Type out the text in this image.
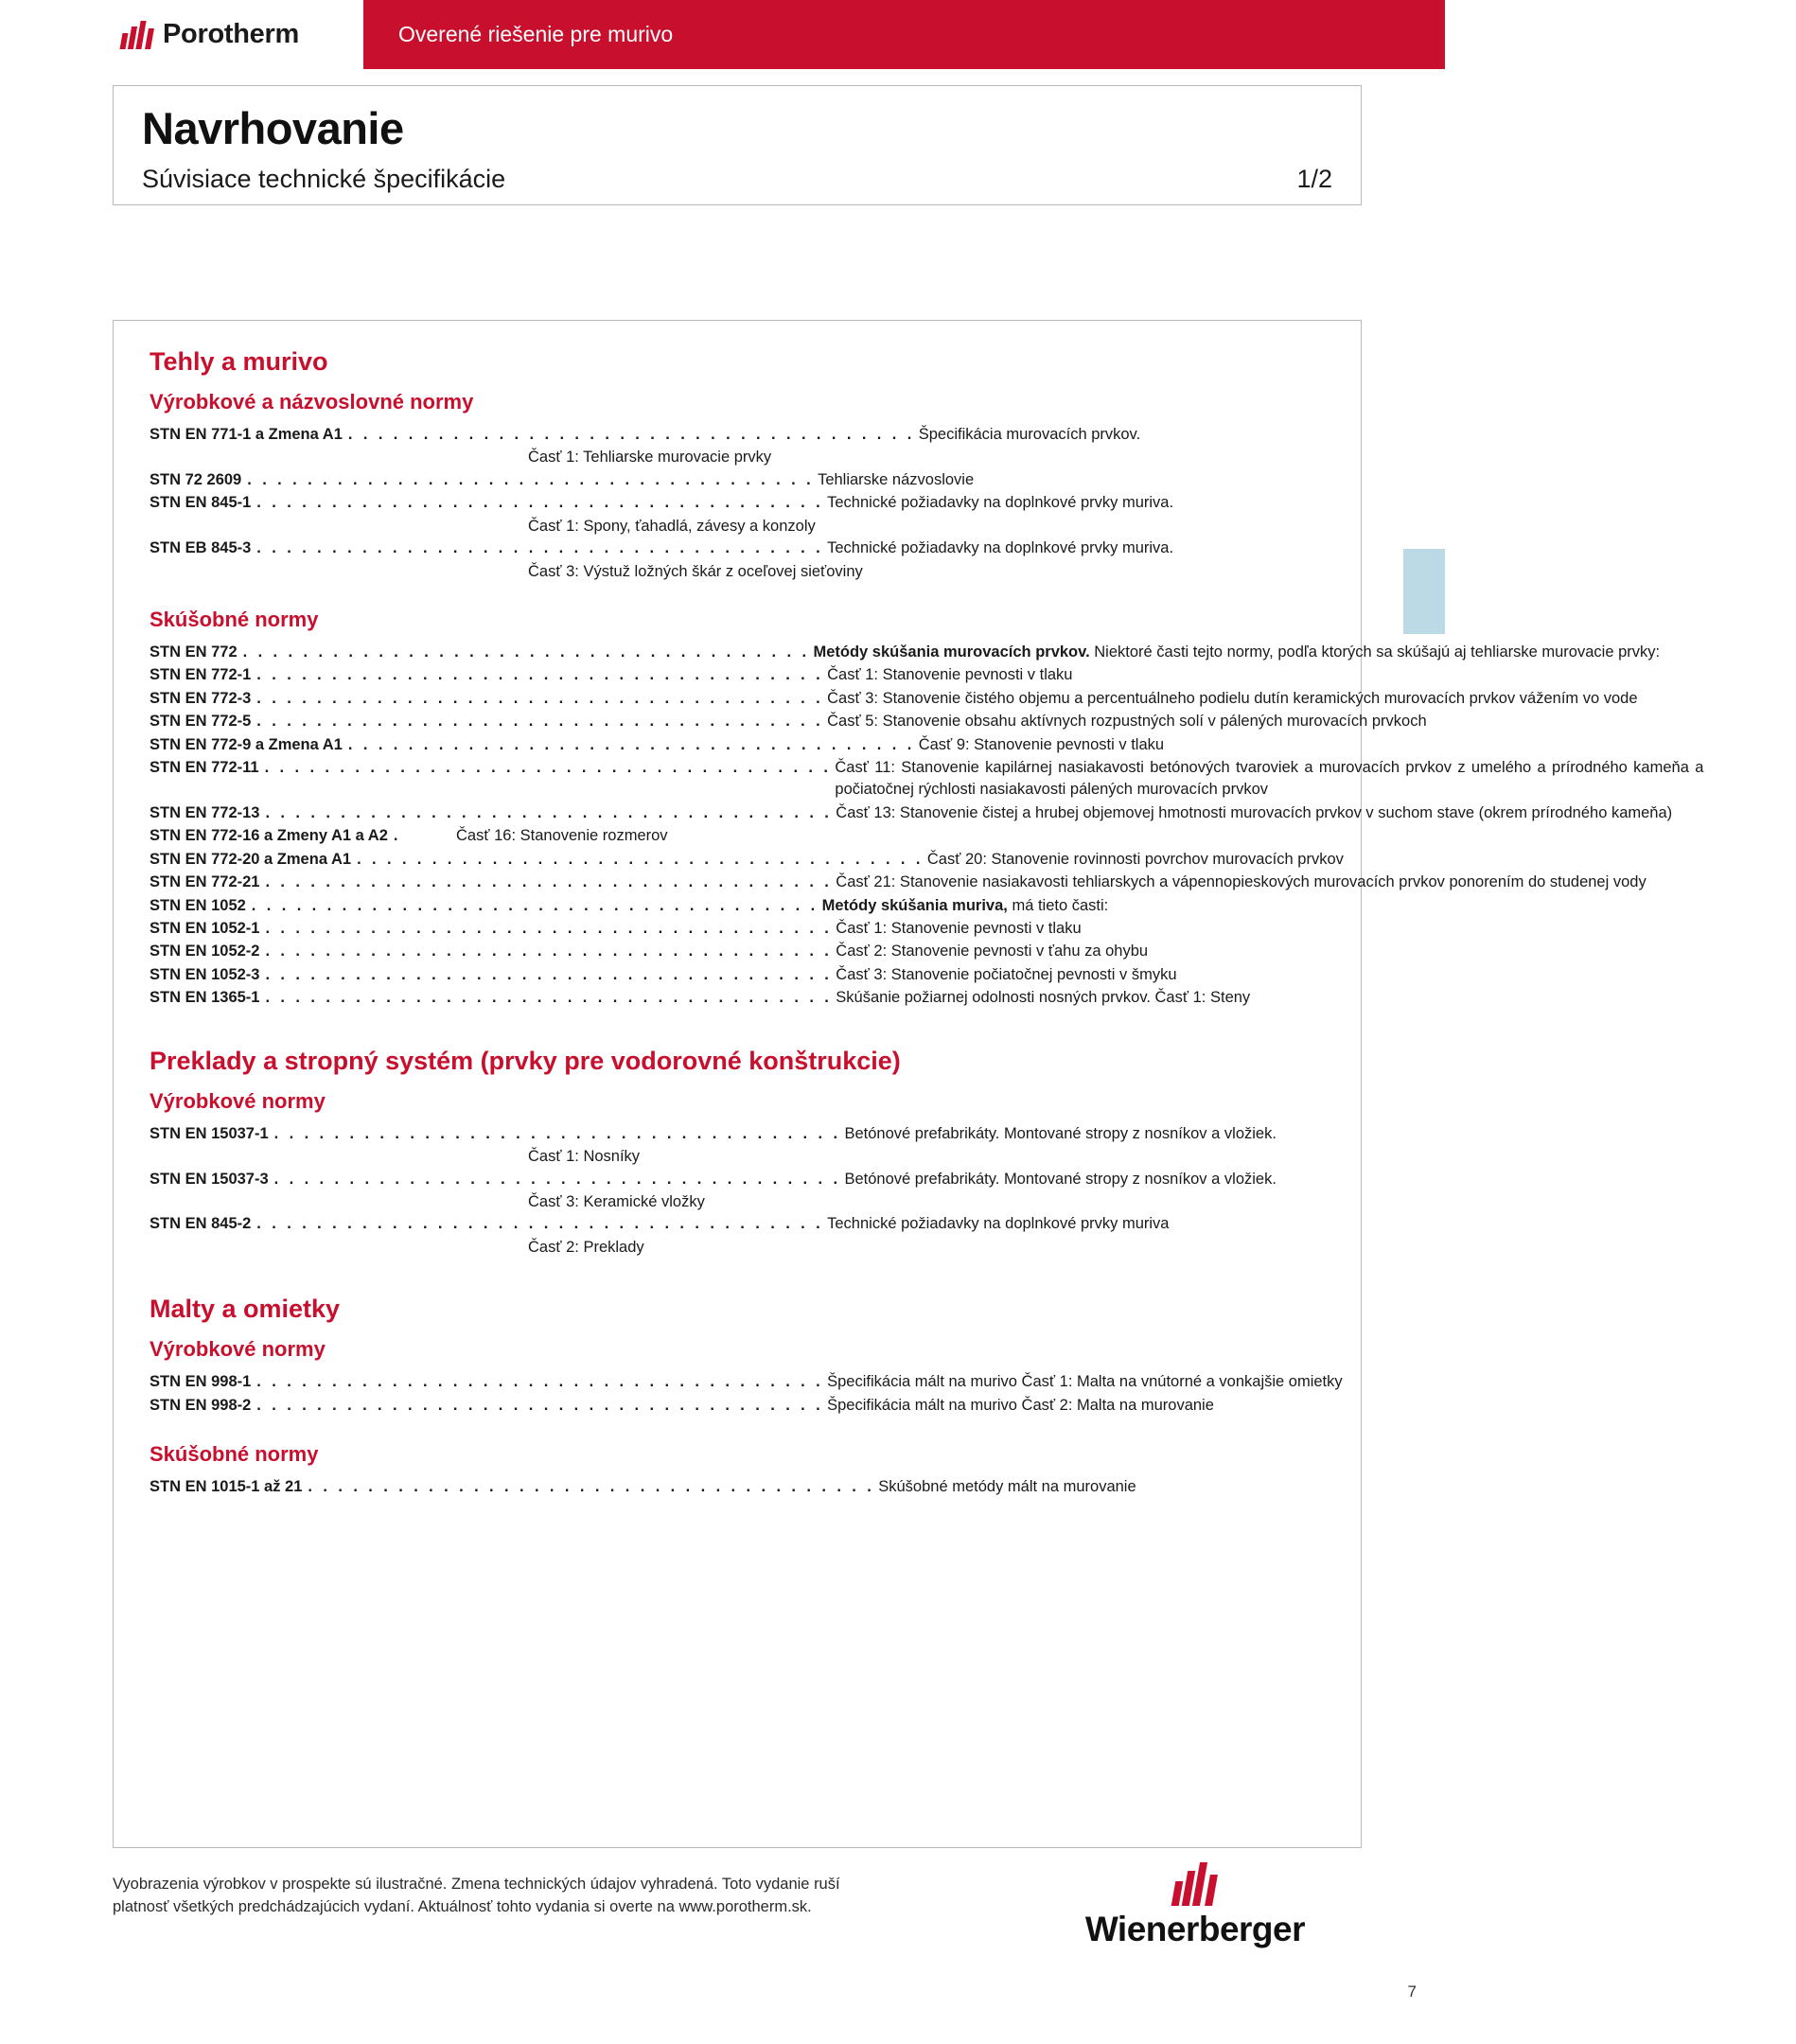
Porotherm	Overené riešenie pre murivo
Navrhovanie
Súvisiace technické špecifikácie	1/2
Tehly a murivo
Výrobkové a názvoslovné normy
STN EN 771-1 a Zmena A1 . . . . . . . . . . . . . . . . . . . . . . . . . . . . . . . . . . . . . . Špecifikácia murovacích prvkov.
Časť 1: Tehliarske murovacie prvky
STN 72 2609 . . . . . . . . . . . . . . . . . . . . . . . . . . . . . . . . . . . . . . Tehliarske názvoslovie
STN EN 845-1 . . . . . . . . . . . . . . . . . . . . . . . . . . . . . . . . . . . . . . Technické požiadavky na doplnkové prvky muriva.
Časť 1: Spony, ťahadlá, závesy a konzoly
STN EB 845-3 . . . . . . . . . . . . . . . . . . . . . . . . . . . . . . . . . . . . . . Technické požiadavky na doplnkové prvky muriva.
Časť 3: Výstuž ložných škár z oceľovej sieťoviny
Skúšobné normy
STN EN 772 . . . . . . . . . . . . . . . . . . . . . . . . . . . . . . . . . . . . . . Metódy skúšania murovacích prvkov. Niektoré časti tejto normy, podľa ktorých sa skúšajú aj tehliarske murovacie prvky:
STN EN 772-1 . . . . . . . . . . . . . . . . . . . . . . . . . . . . . . . . . . . . . . Časť 1: Stanovenie pevnosti v tlaku
STN EN 772-3 . . . . . . . . . . . . . . . . . . . . . . . . . . . . . . . . . . . . . . Časť 3: Stanovenie čistého objemu a percentuálneho podielu dutín keramických murovacích prvkov vážením vo vode
STN EN 772-5 . . . . . . . . . . . . . . . . . . . . . . . . . . . . . . . . . . . . . . Časť 5: Stanovenie obsahu aktívnych rozpustných solí v pálených murovacích prvkoch
STN EN 772-9 a Zmena A1 . . . . . . . . . . . . . . . . . . . . . . . . . . . . . . . . . . . . . . Časť 9: Stanovenie pevnosti v tlaku
STN EN 772-11 . . . . . . . . . . . . . . . . . . . . . . . . . . . . . . . . . . . . . . Časť 11: Stanovenie kapilárnej nasiakavosti betónových tvaroviek a murovacích prvkov z umelého a prírodného kameňa a počiatočnej rýchlosti nasiakavosti pálených murovacích prvkov
STN EN 772-13 . . . . . . . . . . . . . . . . . . . . . . . . . . . . . . . . . . . . . . Časť 13: Stanovenie čistej a hrubej objemovej hmotnosti murovacích prvkov v suchom stave (okrem prírodného kameňa)
STN EN 772-16 a Zmeny A1 a A2 .	Časť 16: Stanovenie rozmerov
STN EN 772-20 a Zmena A1 . . . . . . . . . . . . . . . . . . . . . . . . . . . . . . . . . . . . . . Časť 20: Stanovenie rovinnosti povrchov murovacích prvkov
STN EN 772-21 . . . . . . . . . . . . . . . . . . . . . . . . . . . . . . . . . . . . . . Časť 21: Stanovenie nasiakavosti tehliarskych a vápennopieskových murovacích prvkov ponorením do studenej vody
STN EN 1052 . . . . . . . . . . . . . . . . . . . . . . . . . . . . . . . . . . . . . . Metódy skúšania muriva, má tieto časti:
STN EN 1052-1 . . . . . . . . . . . . . . . . . . . . . . . . . . . . . . . . . . . . . . Časť 1: Stanovenie pevnosti v tlaku
STN EN 1052-2 . . . . . . . . . . . . . . . . . . . . . . . . . . . . . . . . . . . . . . Časť 2: Stanovenie pevnosti v ťahu za ohybu
STN EN 1052-3 . . . . . . . . . . . . . . . . . . . . . . . . . . . . . . . . . . . . . . Časť 3: Stanovenie počiatočnej pevnosti v šmyku
STN EN 1365-1 . . . . . . . . . . . . . . . . . . . . . . . . . . . . . . . . . . . . . . Skúšanie požiarnej odolnosti nosných prvkov. Časť 1: Steny
Preklady a stropný systém (prvky pre vodorovné konštrukcie)
Výrobkové normy
STN EN 15037-1 . . . . . . . . . . . . . . . . . . . . . . . . . . . . . . . . . . . . . . Betónové prefabrikáty. Montované stropy z nosníkov a vložiek.
Časť 1: Nosníky
STN EN 15037-3 . . . . . . . . . . . . . . . . . . . . . . . . . . . . . . . . . . . . . . Betónové prefabrikáty. Montované stropy z nosníkov a vložiek.
Časť 3: Keramické vložky
STN EN 845-2 . . . . . . . . . . . . . . . . . . . . . . . . . . . . . . . . . . . . . . Technické požiadavky na doplnkové prvky muriva
Časť 2: Preklady
Malty a omietky
Výrobkové normy
STN EN 998-1 . . . . . . . . . . . . . . . . . . . . . . . . . . . . . . . . . . . . . . Špecifikácia mált na murivo Časť 1: Malta na vnútorné a vonkajšie omietky
STN EN 998-2 . . . . . . . . . . . . . . . . . . . . . . . . . . . . . . . . . . . . . . Špecifikácia mált na murivo Časť 2: Malta na murovanie
Skúšobné normy
STN EN 1015-1 až 21 . . . . . . . . . . . . . . . . . . . . . . . . . . . . . . . . . . . . . . Skúšobné metódy mált na murovanie
Vyobrazenia výrobkov v prospekte sú ilustračné. Zmena technických údajov vyhradená. Toto vydanie ruší platnosť všetkých predchádzajúcich vydaní. Aktuálnosť tohto vydania si overte na www.porotherm.sk.
Wienerberger
7
